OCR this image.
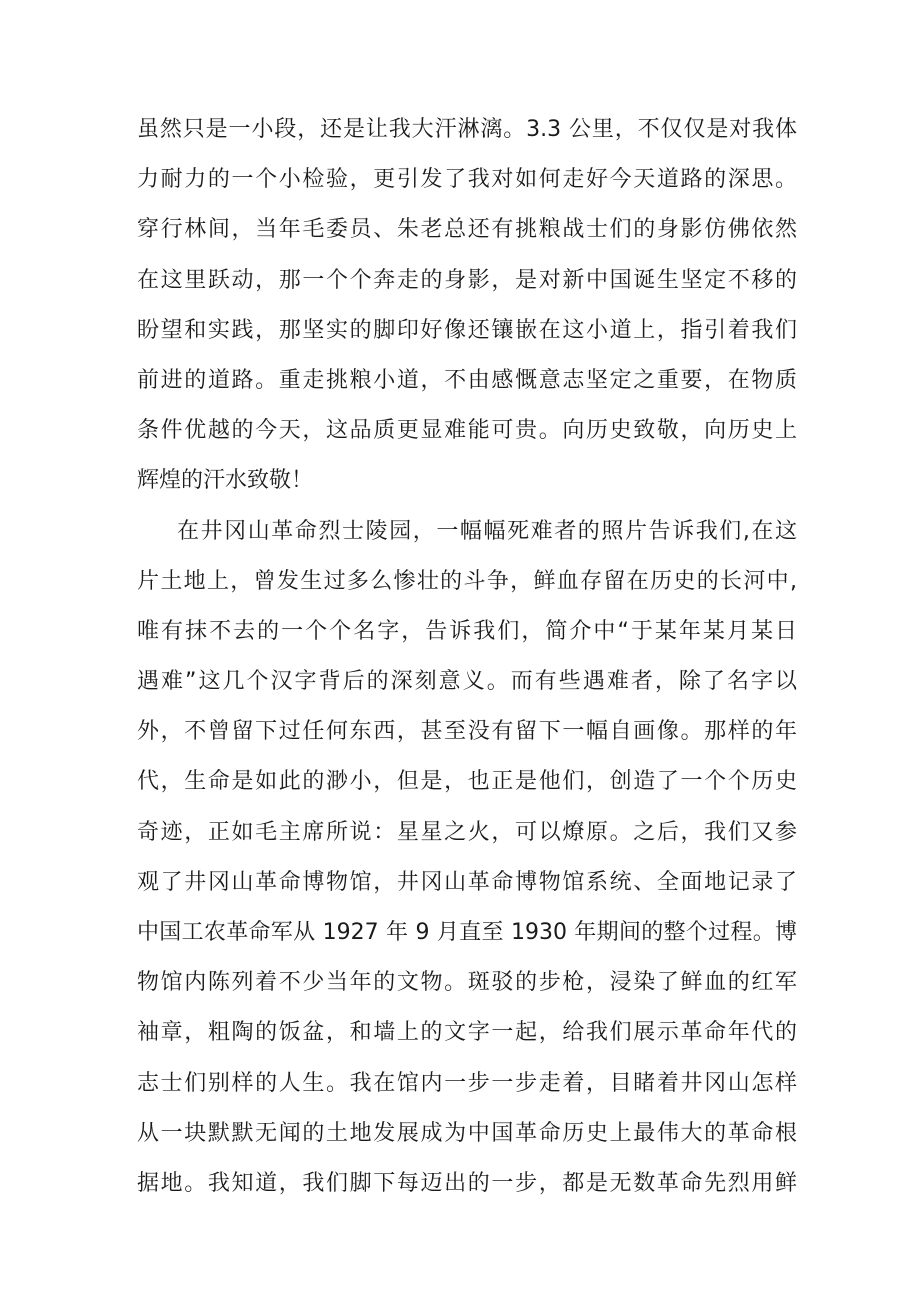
虽然只是一小段，还是让我大汗淋漓。3.3 公里，不仅仅是对我体
力耐力的一个小检验，更引发了我对如何走好今天道路的深思。
穿行林间，当年毛委员、朱老总还有挑粮战士们的身影仿佛依然
在这里跃动，那一个个奔走的身影，是对新中国诞生坚定不移的
盼望和实践，那坚实的脚印好像还镶嵌在这小道上，指引着我们
前进的道路。重走挑粮小道，不由感慨意志坚定之重要，在物质
条件优越的今天，这品质更显难能可贵。向历史致敬，向历史上
辉煌的汗水致敬！
在井冈山革命烈士陵园，一幅幅死难者的照片告诉我们,在这
片土地上，曾发生过多么惨壮的斗争，鲜血存留在历史的长河中,
唯有抹不去的一个个名字，告诉我们，简介中“于某年某月某日
遇难”这几个汉字背后的深刻意义。而有些遇难者，除了名字以
外，不曾留下过任何东西，甚至没有留下一幅自画像。那样的年
代，生命是如此的渺小，但是，也正是他们，创造了一个个历史
奇迹，正如毛主席所说：星星之火，可以燎原。之后，我们又参
观了井冈山革命博物馆，井冈山革命博物馆系统、全面地记录了
中国工农革命军从 1927 年 9 月直至 1930 年期间的整个过程。博
物馆内陈列着不少当年的文物。斑驳的步枪，浸染了鲜血的红军
袖章，粗陶的饭盆，和墙上的文字一起，给我们展示革命年代的
志士们别样的人生。我在馆内一步一步走着，目睹着井冈山怎样
从一块默默无闻的土地发展成为中国革命历史上最伟大的革命根
据地。我知道，我们脚下每迈出的一步，都是无数革命先烈用鲜
